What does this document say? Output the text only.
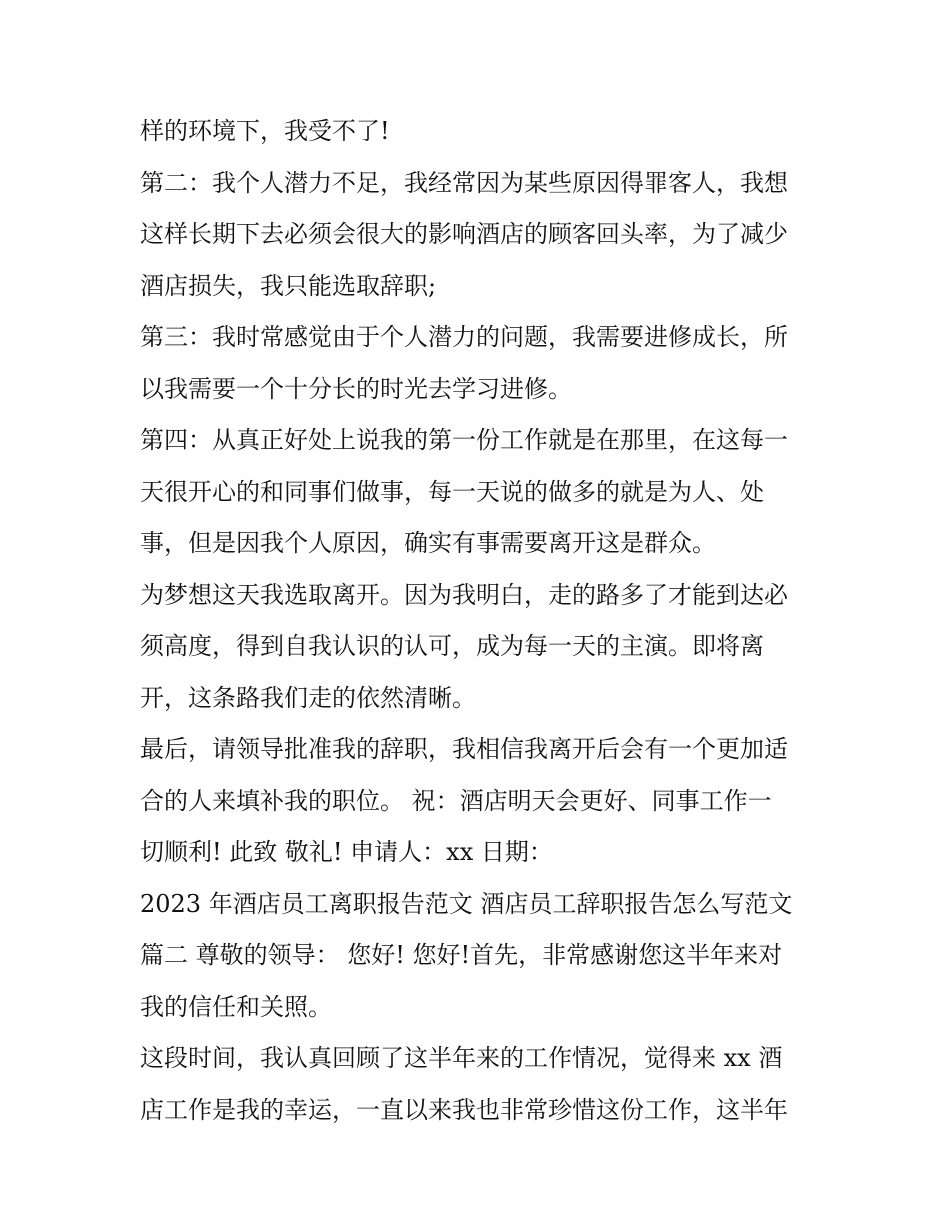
样的环境下，我受不了!
第二：我个人潜力不足，我经常因为某些原因得罪客人，我想
这样长期下去必须会很大的影响酒店的顾客回头率，为了减少
酒店损失，我只能选取辞职;
第三：我时常感觉由于个人潜力的问题，我需要进修成长，所
以我需要一个十分长的时光去学习进修。
第四：从真正好处上说我的第一份工作就是在那里，在这每一
天很开心的和同事们做事，每一天说的做多的就是为人、处
事，但是因我个人原因，确实有事需要离开这是群众。
为梦想这天我选取离开。因为我明白，走的路多了才能到达必
须高度，得到自我认识的认可，成为每一天的主演。即将离
开，这条路我们走的依然清晰。
最后，请领导批准我的辞职，我相信我离开后会有一个更加适
合的人来填补我的职位。 祝：酒店明天会更好、同事工作一
切顺利! 此致 敬礼! 申请人：xx 日期：
2023 年酒店员工离职报告范文 酒店员工辞职报告怎么写范文
篇二 尊敬的领导： 您好! 您好!首先，非常感谢您这半年来对
我的信任和关照。
这段时间，我认真回顾了这半年来的工作情况，觉得来 xx 酒
店工作是我的幸运，一直以来我也非常珍惜这份工作，这半年
